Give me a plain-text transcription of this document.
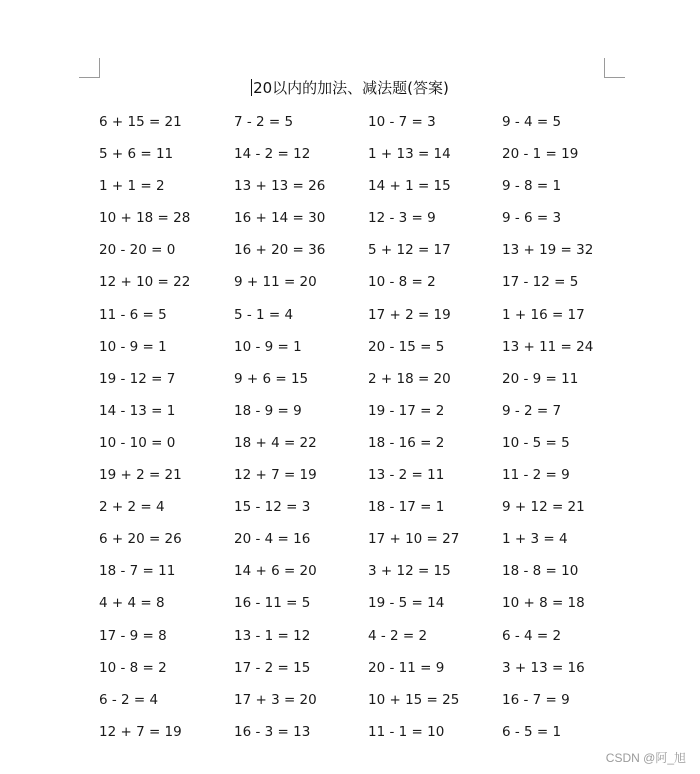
20以内的加法、减法题(答案)
6 + 15 = 21	7 - 2 = 5	10 - 7 = 3	9 - 4 = 5
5 + 6 = 11	14 - 2 = 12	1 + 13 = 14	20 - 1 = 19
1 + 1 = 2	13 + 13 = 26	14 + 1 = 15	9 - 8 = 1
10 + 18 = 28	16 + 14 = 30	12 - 3 = 9	9 - 6 = 3
20 - 20 = 0	16 + 20 = 36	5 + 12 = 17	13 + 19 = 32
12 + 10 = 22	9 + 11 = 20	10 - 8 = 2	17 - 12 = 5
11 - 6 = 5	5 - 1 = 4	17 + 2 = 19	1 + 16 = 17
10 - 9 = 1	10 - 9 = 1	20 - 15 = 5	13 + 11 = 24
19 - 12 = 7	9 + 6 = 15	2 + 18 = 20	20 - 9 = 11
14 - 13 = 1	18 - 9 = 9	19 - 17 = 2	9 - 2 = 7
10 - 10 = 0	18 + 4 = 22	18 - 16 = 2	10 - 5 = 5
19 + 2 = 21	12 + 7 = 19	13 - 2 = 11	11 - 2 = 9
2 + 2 = 4	15 - 12 = 3	18 - 17 = 1	9 + 12 = 21
6 + 20 = 26	20 - 4 = 16	17 + 10 = 27	1 + 3 = 4
18 - 7 = 11	14 + 6 = 20	3 + 12 = 15	18 - 8 = 10
4 + 4 = 8	16 - 11 = 5	19 - 5 = 14	10 + 8 = 18
17 - 9 = 8	13 - 1 = 12	4 - 2 = 2	6 - 4 = 2
10 - 8 = 2	17 - 2 = 15	20 - 11 = 9	3 + 13 = 16
6 - 2 = 4	17 + 3 = 20	10 + 15 = 25	16 - 7 = 9
12 + 7 = 19	16 - 3 = 13	11 - 1 = 10	6 - 5 = 1
CSDN @阿_旭
